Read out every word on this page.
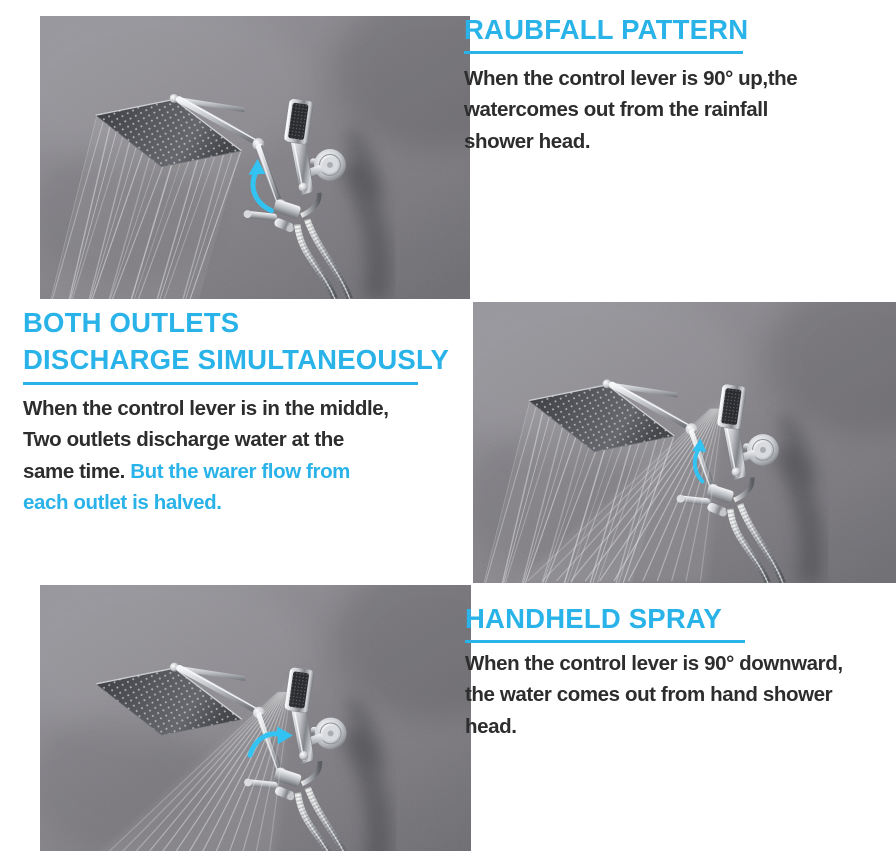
RAUBFALL PATTERN
When the control lever is 90° up,the
watercomes out from the rainfall
shower head.
BOTH OUTLETS
DISCHARGE SIMULTANEOUSLY
When the control lever is in the middle,
Two outlets discharge water at the
same time. But the warer flow from
each outlet is halved.
HANDHELD SPRAY
When the control lever is 90° downward,
the water comes out from hand shower
head.
